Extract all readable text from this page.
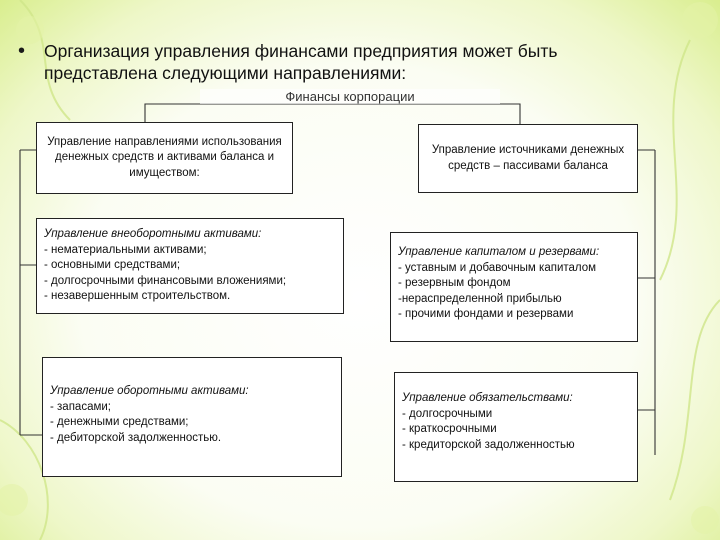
• Организация управления финансами предприятия может быть представлена следующими направлениями:
Финансы корпорации
Управление направлениями использования денежных средств и активами баланса и имуществом:
Управление источниками денежных средств – пассивами баланса
Управление внеоборотными активами:
- нематериальными активами;
- основными средствами;
- долгосрочными финансовыми вложениями;
- незавершенным строительством.
Управление оборотными активами:
- запасами;
- денежными средствами;
- дебиторской задолженностью.
Управление капиталом и резервами:
- уставным и добавочным капиталом
- резервным фондом
-нераспределенной прибылью
- прочими фондами и резервами
Управление обязательствами:
- долгосрочными
- краткосрочными
- кредиторской задолженностью
